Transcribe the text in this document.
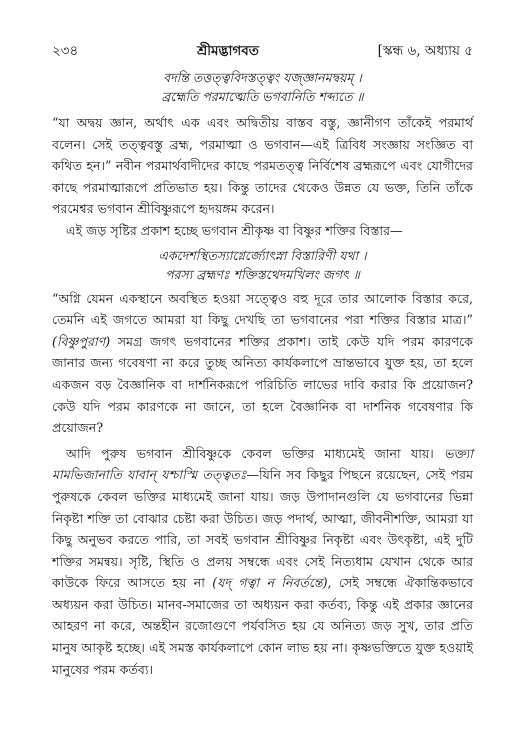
২৩৪	শ্রীমদ্ভাগবত	[স্কন্ধ ৬, অধ্যায় ৫
বদন্তি তত্তত্ত্ববিদস্তত্ত্বং যজ্জ্ঞানমদ্বয়ম্ ।
ব্রহ্মেতি পরমাত্মেতি ভগবানিতি শব্দ্যতে ॥

“যা অদ্বয় জ্ঞান, অর্থাৎ এক এবং অদ্বিতীয় বাস্তব বস্তু, জ্ঞানীগণ তাঁকেই পরমার্থ বলেন। সেই তত্ত্ববস্তু ব্রহ্ম, পরমাত্মা ও ভগবান—এই ত্রিবিধ সংজ্ঞায় সংজ্ঞিত বা কথিত হন।” নবীন পরমার্থবাদীদের কাছে পরমতত্ত্ব নির্বিশেষ ব্রহ্মরূপে এবং যোগীদের কাছে পরমাত্মারূপে প্রতিভাত হয়। কিন্তু তাদের থেকেও উন্নত যে ভক্ত, তিনি তাঁকে পরমেশ্বর ভগবান শ্রীবিষ্ণুরূপে হৃদয়ঙ্গম করেন।

এই জড় সৃষ্টির প্রকাশ হচ্ছে ভগবান শ্রীকৃষ্ণ বা বিষ্ণুর শক্তির বিস্তার—

একদেশস্থিতস্যাগ্নের্জ্যোৎস্না বিস্তারিণী যথা ।
পরস্য ব্রহ্মণঃ শক্তিস্তথেদমখিলং জগৎ ॥

“অগ্নি যেমন একস্থানে অবস্থিত হওয়া সত্ত্বেও বহু দূরে তার আলোক বিস্তার করে, তেমনি এই জগতে আমরা যা কিছু দেখছি তা ভগবানের পরা শক্তির বিস্তার মাত্র।” (বিষ্ণুপুরাণ) সমগ্র জগৎ ভগবানের শক্তির প্রকাশ। তাই কেউ যদি পরম কারণকে জানার জন্য গবেষণা না করে তুচ্ছ অনিত্য কার্যকলাপে ভ্রান্তভাবে যুক্ত হয়, তা হলে একজন বড় বৈজ্ঞানিক বা দার্শনিকরূপে পরিচিতি লাভের দাবি করার কি প্রয়োজন? কেউ যদি পরম কারণকে না জানে, তা হলে বৈজ্ঞানিক বা দার্শনিক গবেষণার কি প্রয়োজন?

আদি পুরুষ ভগবান শ্রীবিষ্ণুকে কেবল ভক্তির মাধ্যমেই জানা যায়। ভক্ত্যা মামভিজানাতি যাবান্ যশ্চাস্মি তত্ত্বতঃ—যিনি সব কিছুর পিছনে রয়েছেন, সেই পরম পুরুষকে কেবল ভক্তির মাধ্যমেই জানা যায়। জড় উপাদানগুলি যে ভগবানের ভিন্না নিকৃষ্টা শক্তি তা বোঝার চেষ্টা করা উচিত। জড় পদার্থ, আত্মা, জীবনীশক্তি, আমরা যা কিছু অনুভব করতে পারি, তা সবই ভগবান শ্রীবিষ্ণুর নিকৃষ্টা এবং উৎকৃষ্টা, এই দুটি শক্তির সমন্বয়। সৃষ্টি, স্থিতি ও প্রলয় সম্বন্ধে এবং সেই নিত্যধাম যেখান থেকে আর কাউকে ফিরে আসতে হয় না (যদ্ গত্বা ন নিবর্তন্তে), সেই সম্বন্ধে ঐকান্তিকভাবে অধ্যয়ন করা উচিত। মানব-সমাজের তা অধ্যয়ন করা কর্তব্য, কিন্তু এই প্রকার জ্ঞানের আহরণ না করে, অন্তহীন রজোগুণে পর্যবসিত হয় যে অনিত্য জড় সুখ, তার প্রতি মানুষ আকৃষ্ট হচ্ছে। এই সমস্ত কার্যকলাপে কোন লাভ হয় না। কৃষ্ণভক্তিতে যুক্ত হওয়াই মানুষের পরম কর্তব্য।
